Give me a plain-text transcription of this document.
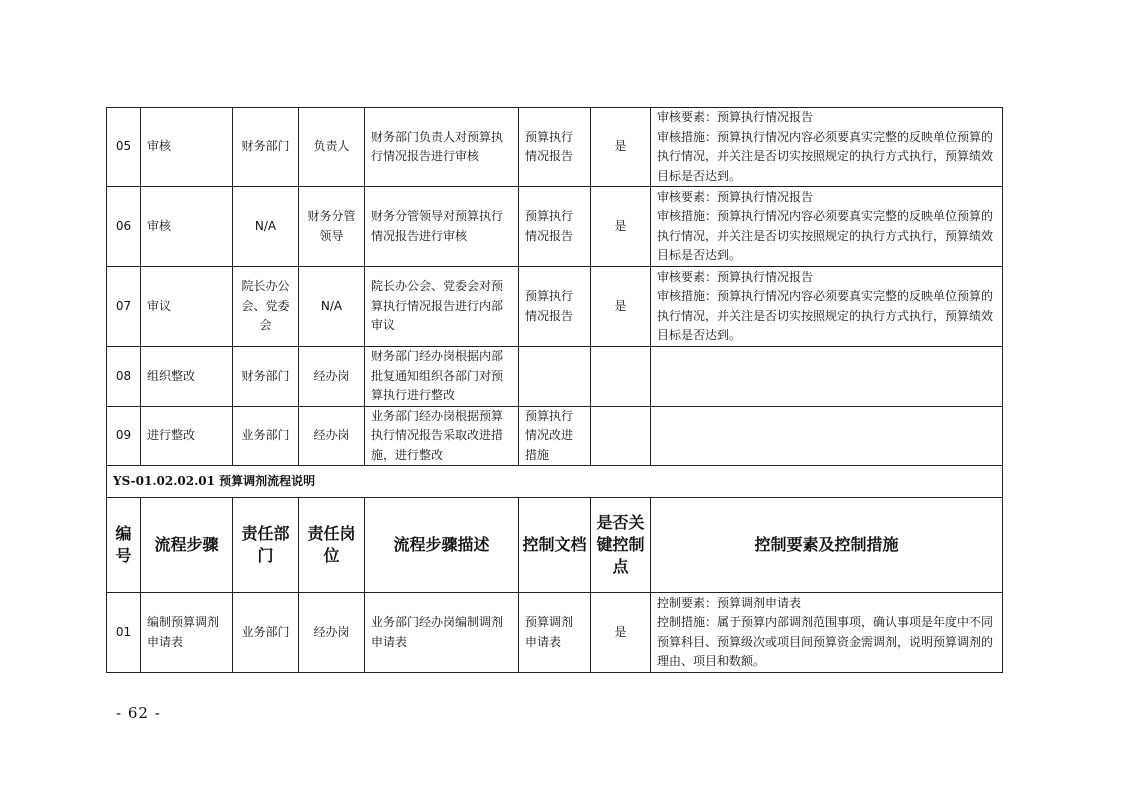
05	审核	财务部门	负责人	财务部门负责人对预算执行情况报告进行审核	预算执行情况报告	是	审核要素：预算执行情况报告
审核措施：预算执行情况内容必须要真实完整的反映单位预算的执行情况，并关注是否切实按照规定的执行方式执行，预算绩效目标是否达到。

06	审核	N/A	财务分管领导	财务分管领导对预算执行情况报告进行审核	预算执行情况报告	是	审核要素：预算执行情况报告
审核措施：预算执行情况内容必须要真实完整的反映单位预算的执行情况，并关注是否切实按照规定的执行方式执行，预算绩效目标是否达到。

07	审议	院长办公会、党委会	N/A	院长办公会、党委会对预算执行情况报告进行内部审议	预算执行情况报告	是	审核要素：预算执行情况报告
审核措施：预算执行情况内容必须要真实完整的反映单位预算的执行情况，并关注是否切实按照规定的执行方式执行，预算绩效目标是否达到。

08	组织整改	财务部门	经办岗	财务部门经办岗根据内部批复通知组织各部门对预算执行进行整改			

09	进行整改	业务部门	经办岗	业务部门经办岗根据预算执行情况报告采取改进措施，进行整改	预算执行情况改进措施		

YS-01.02.02.01 预算调剂流程说明							
编号	流程步骤	责任部门	责任岗位	流程步骤描述	控制文档	是否关键控制点	控制要素及控制措施
01	编制预算调剂申请表	业务部门	经办岗	业务部门经办岗编制调剂申请表	预算调剂申请表	是	控制要素：预算调剂申请表
控制措施：属于预算内部调剂范围事项，确认事项是年度中不同预算科目、预算级次或项目间预算资金需调剂，说明预算调剂的理由、项目和数额。
- 62 -
